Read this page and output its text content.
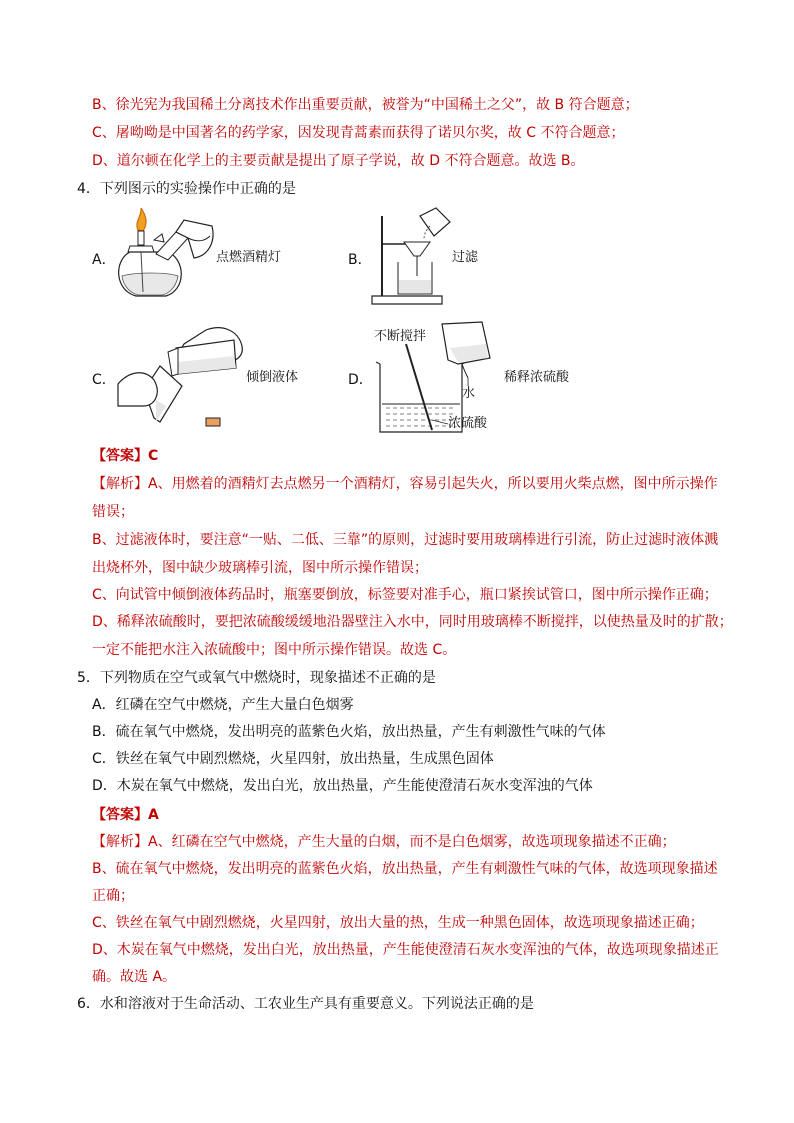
B、徐光宪为我国稀土分离技术作出重要贡献，被誉为“中国稀土之父”，故 B 符合题意；
C、屠呦呦是中国著名的药学家，因发现青蒿素而获得了诺贝尔奖，故 C 不符合题意；
D、道尔顿在化学上的主要贡献是提出了原子学说，故 D 不符合题意。故选 B。
4．下列图示的实验操作中正确的是
A．	点燃酒精灯	B．	过滤
C．	倾倒液体	D．
不断搅拌
水
浓硫酸
稀释浓硫酸
【答案】C
【解析】A、用燃着的酒精灯去点燃另一个酒精灯，容易引起失火，所以要用火柴点燃，图中所示操作
错误；
B、过滤液体时，要注意“一贴、二低、三靠”的原则，过滤时要用玻璃棒进行引流，防止过滤时液体溅
出烧杯外，图中缺少玻璃棒引流，图中所示操作错误；
C、向试管中倾倒液体药品时，瓶塞要倒放，标签要对准手心，瓶口紧挨试管口，图中所示操作正确；
D、稀释浓硫酸时，要把浓硫酸缓缓地沿器壁注入水中，同时用玻璃棒不断搅拌，以使热量及时的扩散；
一定不能把水注入浓硫酸中；图中所示操作错误。故选 C。
5．下列物质在空气或氧气中燃烧时，现象描述不正确的是
A．红磷在空气中燃烧，产生大量白色烟雾
B．硫在氧气中燃烧，发出明亮的蓝紫色火焰，放出热量，产生有刺激性气味的气体
C．铁丝在氧气中剧烈燃烧，火星四射，放出热量，生成黑色固体
D．木炭在氧气中燃烧，发出白光，放出热量，产生能使澄清石灰水变浑浊的气体
【答案】A
【解析】A、红磷在空气中燃烧，产生大量的白烟，而不是白色烟雾，故选项现象描述不正确；
B、硫在氧气中燃烧，发出明亮的蓝紫色火焰，放出热量，产生有刺激性气味的气体，故选项现象描述
正确；
C、铁丝在氧气中剧烈燃烧，火星四射，放出大量的热，生成一种黑色固体，故选项现象描述正确；
D、木炭在氧气中燃烧，发出白光，放出热量，产生能使澄清石灰水变浑浊的气体，故选项现象描述正
确。故选 A。
6．水和溶液对于生命活动、工农业生产具有重要意义。下列说法正确的是
